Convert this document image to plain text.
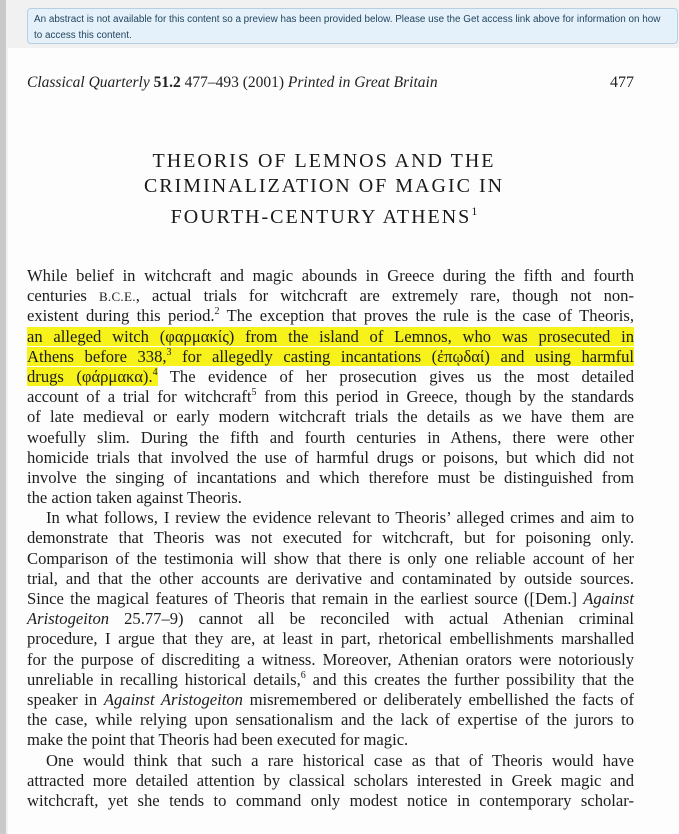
An abstract is not available for this content so a preview has been provided below. Please use the Get access link above for information on how to access this content.
Classical Quarterly 51.2 477–493 (2001) Printed in Great Britain	477
THEORIS OF LEMNOS AND THE
CRIMINALIZATION OF MAGIC IN
FOURTH-CENTURY ATHENS$^1$
While belief in witchcraft and magic abounds in Greece during the fifth and fourth
centuries B.C.E., actual trials for witchcraft are extremely rare, though not non-
existent during this period.$^2$ The exception that proves the rule is the case of Theoris,
an alleged witch (φαρμακίς) from the island of Lemnos, who was prosecuted in
Athens before 338,$^3$ for allegedly casting incantations (ἐπῳδαί) and using harmful
drugs (φάρμακα).$^4$ The evidence of her prosecution gives us the most detailed
account of a trial for witchcraft$^5$ from this period in Greece, though by the standards
of late medieval or early modern witchcraft trials the details as we have them are
woefully slim. During the fifth and fourth centuries in Athens, there were other
homicide trials that involved the use of harmful drugs or poisons, but which did not
involve the singing of incantations and which therefore must be distinguished from
the action taken against Theoris.
In what follows, I review the evidence relevant to Theoris’ alleged crimes and aim to
demonstrate that Theoris was not executed for witchcraft, but for poisoning only.
Comparison of the testimonia will show that there is only one reliable account of her
trial, and that the other accounts are derivative and contaminated by outside sources.
Since the magical features of Theoris that remain in the earliest source ([Dem.] Against
Aristogeiton 25.77–9) cannot all be reconciled with actual Athenian criminal
procedure, I argue that they are, at least in part, rhetorical embellishments marshalled
for the purpose of discrediting a witness. Moreover, Athenian orators were notoriously
unreliable in recalling historical details,$^6$ and this creates the further possibility that the
speaker in Against Aristogeiton misremembered or deliberately embellished the facts of
the case, while relying upon sensationalism and the lack of expertise of the jurors to
make the point that Theoris had been executed for magic.
One would think that such a rare historical case as that of Theoris would have
attracted more detailed attention by classical scholars interested in Greek magic and
witchcraft, yet she tends to command only modest notice in contemporary scholar-
